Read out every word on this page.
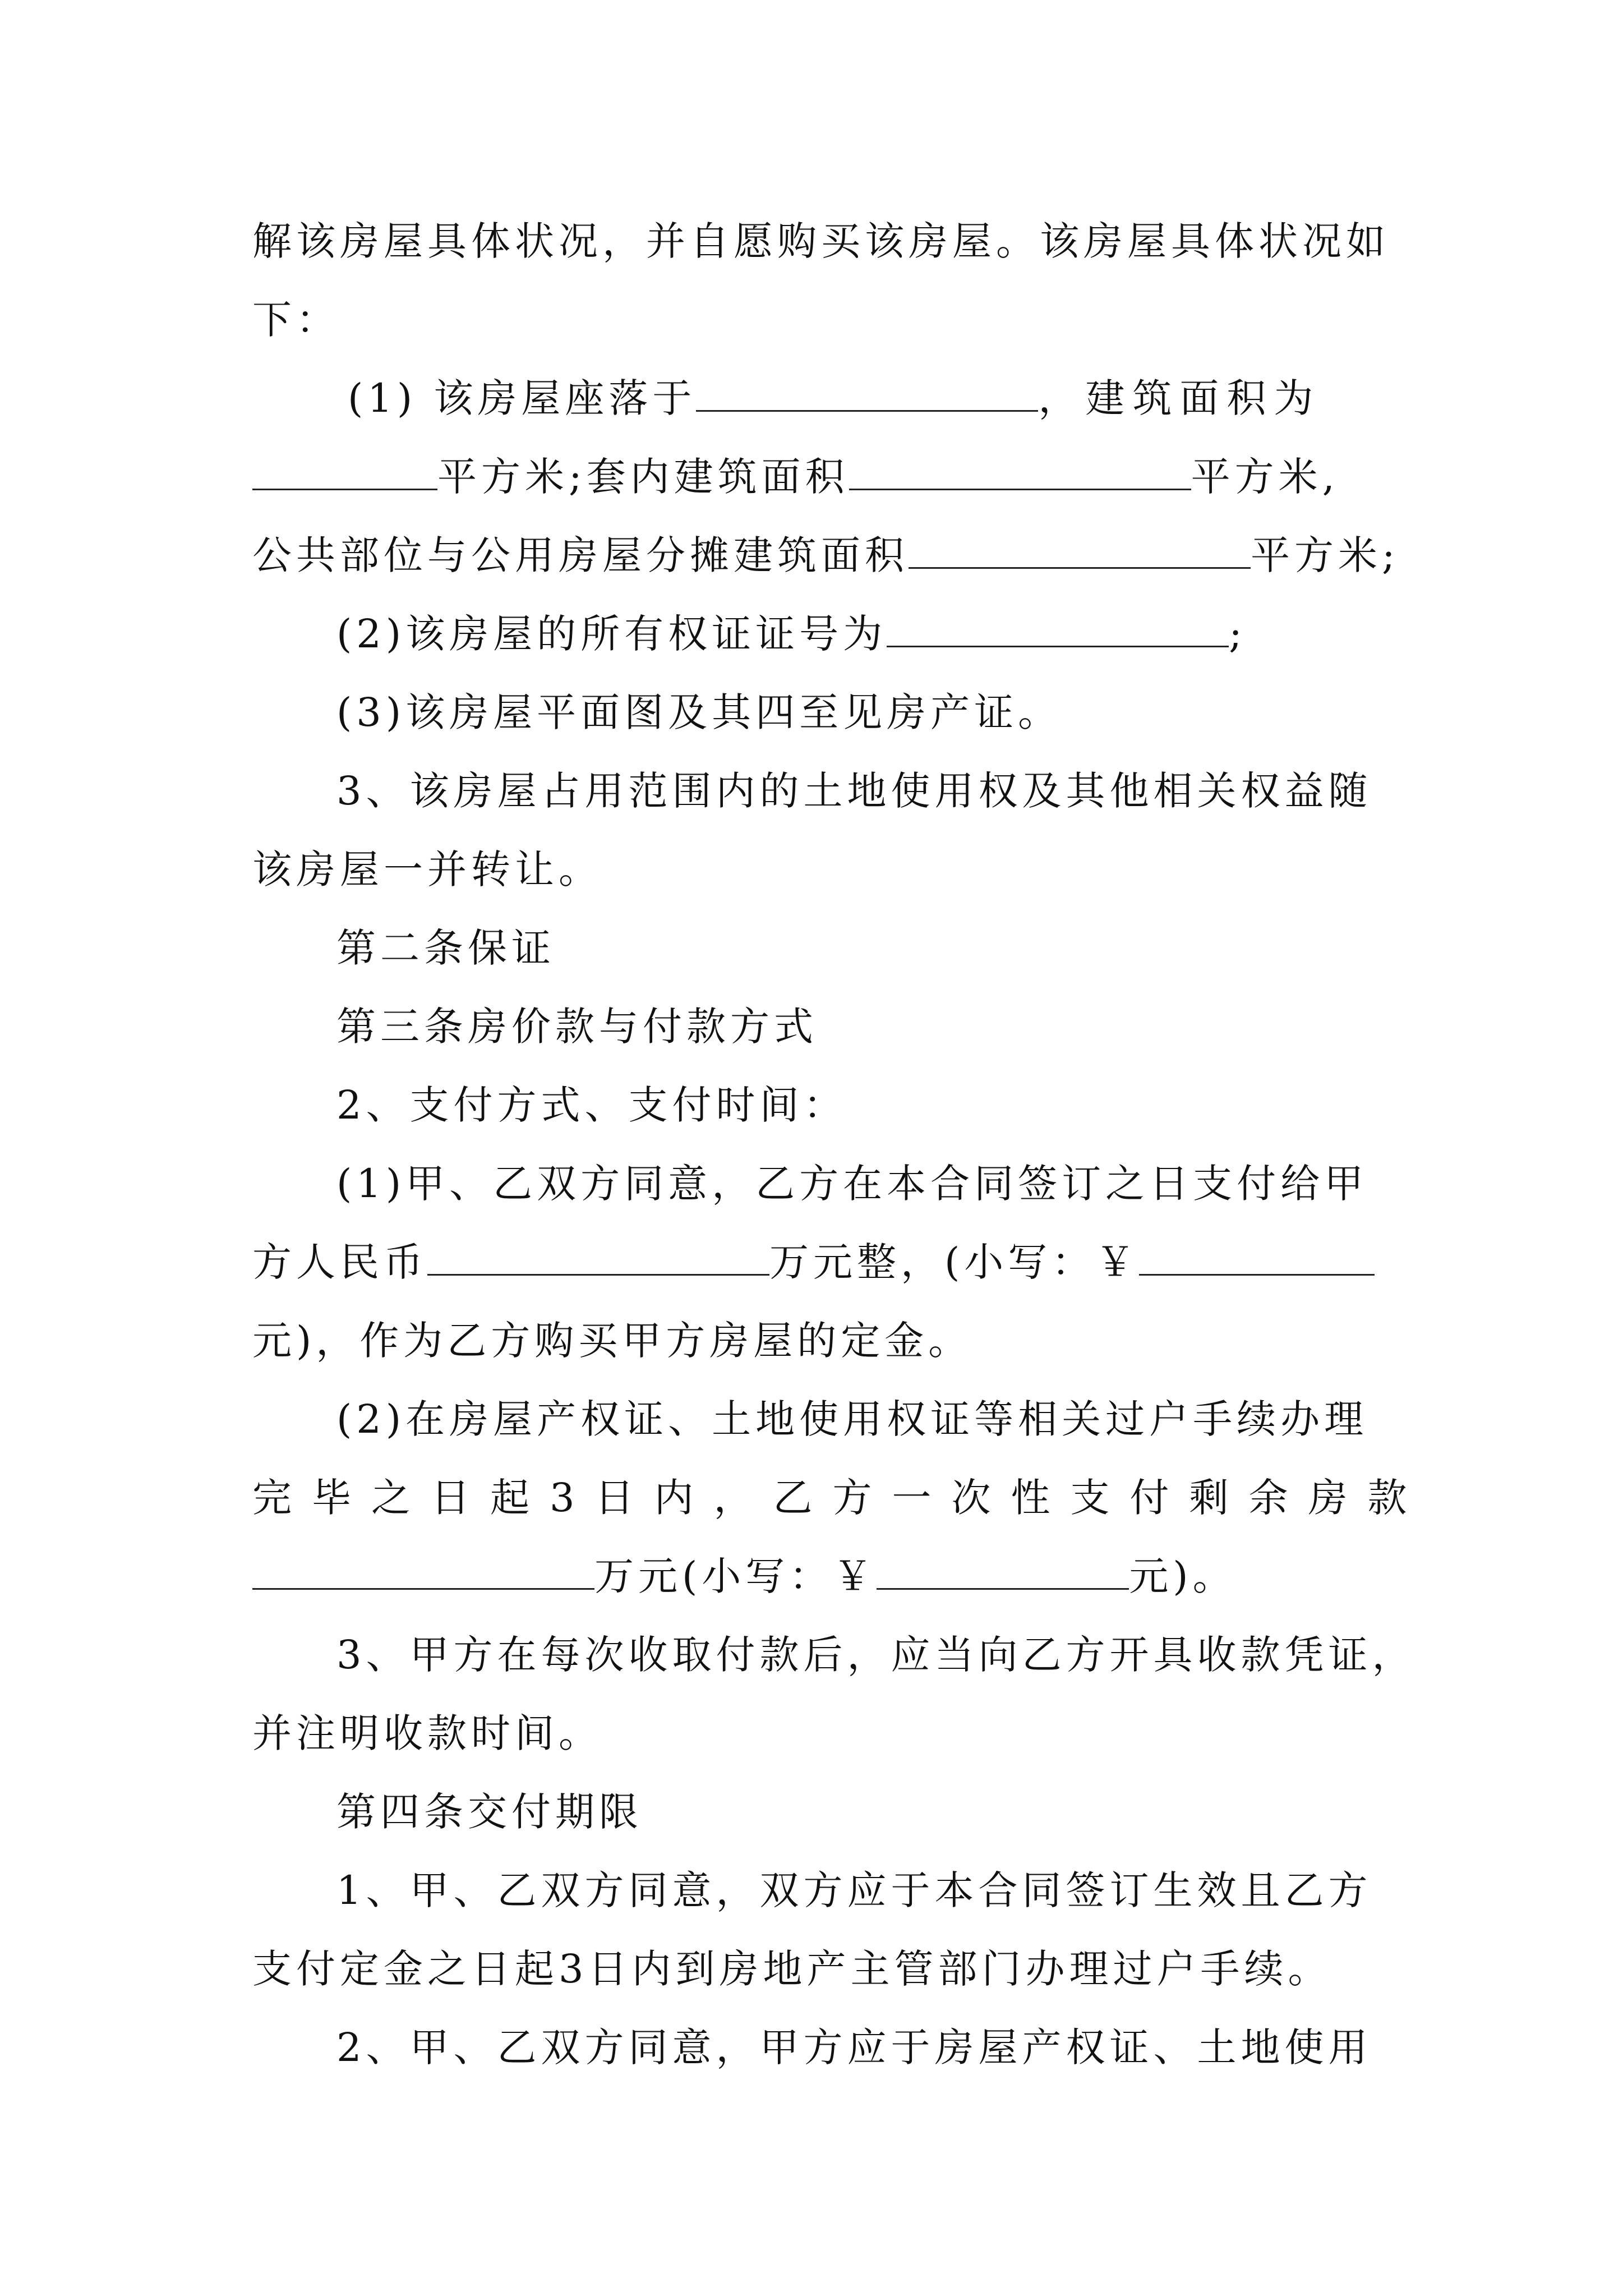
解该房屋具体状况，并自愿购买该房屋。该房屋具体状况如
下：
(1) 该房屋座落于	，建筑面积为
平方米;套内建筑面积	平方米,
公共部位与公用房屋分摊建筑面积	平方米;
(2)该房屋的所有权证证号为	;
(3)该房屋平面图及其四至见房产证。
3、该房屋占用范围内的土地使用权及其他相关权益随
该房屋一并转让。
第二条保证
第三条房价款与付款方式
2、支付方式、支付时间：
(1)甲、乙双方同意，乙方在本合同签订之日支付给甲
方人民币	万元整，(小写：￥
元)，作为乙方购买甲方房屋的定金。
(2)在房屋产权证、土地使用权证等相关过户手续办理
完毕之日起3日内，乙方一次性支付剩余房款
万元(小写：￥	元)。
3、甲方在每次收取付款后，应当向乙方开具收款凭证，
并注明收款时间。
第四条交付期限
1、甲、乙双方同意，双方应于本合同签订生效且乙方
支付定金之日起3日内到房地产主管部门办理过户手续。
2、甲、乙双方同意，甲方应于房屋产权证、土地使用
